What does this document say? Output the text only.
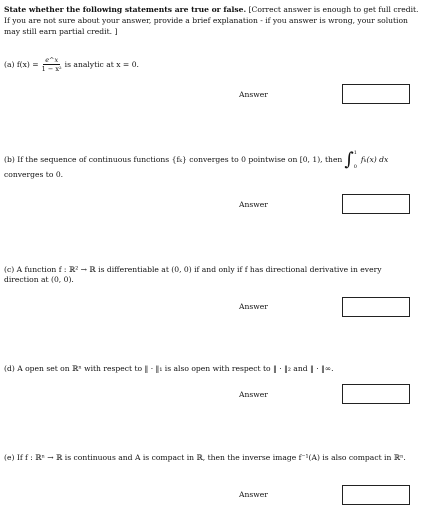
State whether the following statements are true or false. [Correct answer is enough to get full credit. If you are not sure about your answer, provide a brief explanation - if you answer is wrong, your solution may still earn partial credit. ]
(a) $f(x) = \frac{e\^{}x}{\text{1 − x²}}$ is analytic at x = 0.
Answer
(b) If the sequence of continuous functions {fₖ} converges to 0 pointwise on [0, 1), then ∫ 1
0
fₖ(x) dx
converges to 0.
Answer
(c) A function f : ℝ² → ℝ is differentiable at (0, 0) if and only if f has directional derivative in every direction at (0, 0).
Answer
(d) A open set on ℝⁿ with respect to ‖ · ‖₁ is also open with respect to ‖ · ‖₂ and ‖ · ‖∞.
Answer
(e) If f : ℝⁿ → ℝ is continuous and A is compact in ℝ, then the inverse image f⁻¹(A) is also compact in ℝⁿ.
Answer
